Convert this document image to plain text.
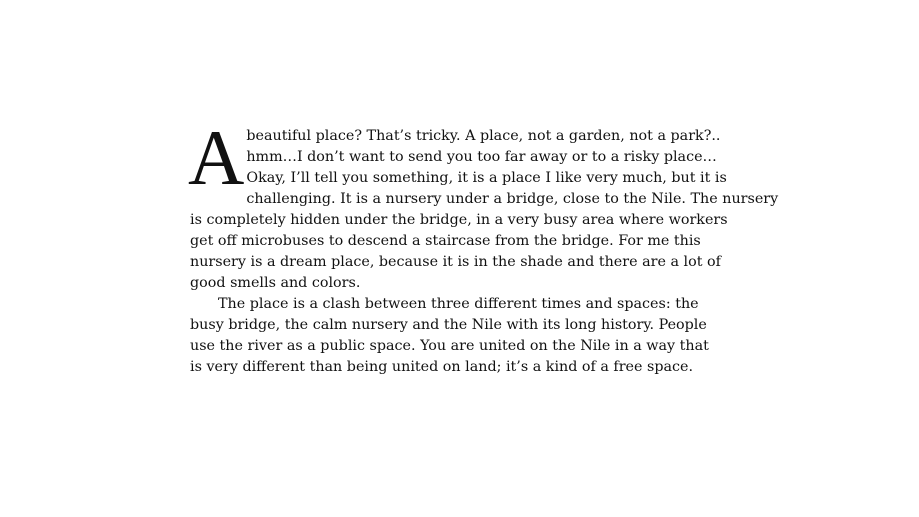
A beautiful place? That’s tricky. A place, not a garden, not a park?..
hmm…I don’t want to send you too far away or to a risky place…
Okay, I’ll tell you something, it is a place I like very much, but it is
challenging. It is a nursery under a bridge, close to the Nile. The nursery
is completely hidden under the bridge, in a very busy area where workers
get off microbuses to descend a staircase from the bridge. For me this
nursery is a dream place, because it is in the shade and there are a lot of
good smells and colors.
The place is a clash between three different times and spaces: the
busy bridge, the calm nursery and the Nile with its long history. People
use the river as a public space. You are united on the Nile in a way that
is very different than being united on land; it’s a kind of a free space.
